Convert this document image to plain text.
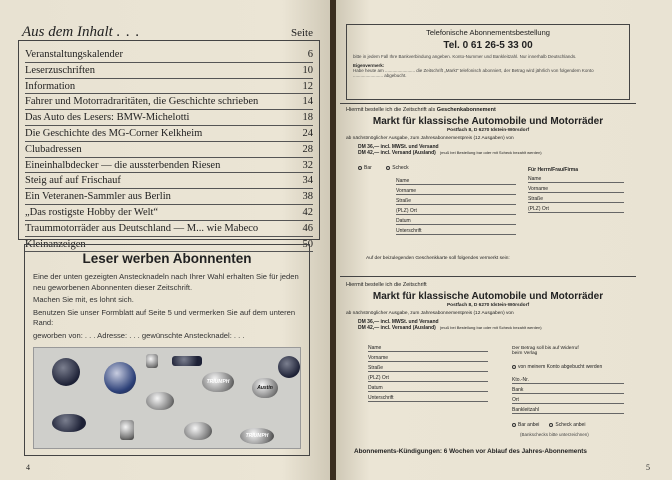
Aus dem Inhalt . . .	Seite
Veranstaltungskalender	6
Leserzuschriften	10
Information	12
Fahrer und Motorradraritäten, die Geschichte schrieben	14
Das Auto des Lesers: BMW-Michelotti	18
Die Geschichte des MG-Corner Kelkheim	24
Clubadressen	28
Eineinhalbdecker — die aussterbenden Riesen	32
Steig auf auf Frischauf	34
Ein Veteranen-Sammler aus Berlin	38
„Das rostigste Hobby der Welt“	42
Traummotorräder aus Deutschland — M... wie Mabeco	46
Kleinanzeigen	50
Leser werben Abonnenten

Eine der unten gezeigten Anstecknadeln nach Ihrer Wahl erhalten Sie für jeden neu geworbenen Abonnenten dieser Zeitschrift.

Machen Sie mit, es lohnt sich.

Benutzen Sie unser Formblatt auf Seite 5 und vermerken Sie auf dem unteren Rand:

geworben von: . . . Adresse: . . . gewünschte Anstecknadel: . . .

TRIUMPH
Austin
TRIUMPH
4
Telefonische Abonnementsbestellung
Tel. 0 61 26-5 33 00
bitte in jedem Fall Ihre Bankverbindung angeben. Konto-Nummer und Bankleitzahl. Nur innerhalb Deutschlands.
Eigenvermerk:
Habe heute am ........................ die Zeitschrift „Markt“ telefonisch abonniert, der Betrag wird jährlich von folgendem Konto ........................ abgebucht.
Hiermit bestelle ich die Zeitschrift als Geschenkabonnement
Markt für klassische Automobile und Motorräder
Postfach 8, D 6270 Idstein-Wörsdorf
ab nächstmöglicher Ausgabe, zum Jahresabonnementpreis (12 Ausgaben) von
DM 36,— incl. MWSt. und Versand
DM 42,— incl. Versand (Ausland) (muß bei Bestellung bar oder mit Scheck bezahlt werden)
Bar
	Scheck
Name
Vorname
Straße
(PLZ) Ort
Datum
Unterschrift
Für Herrn/Frau/Firma
Name
Vorname
Straße
(PLZ) Ort
Auf der beizulegenden Geschenkkarte soll folgendes vermerkt sein:
Hiermit bestelle ich die Zeitschrift
Markt für klassische Automobile und Motorräder
Postfach 8, D 6270 Idstein-Wörsdorf
ab nächstmöglicher Ausgabe, zum Jahresabonnementpreis (12 Ausgaben) von
DM 36,— incl. MWSt. und Versand
DM 42,— incl. Versand (Ausland) (muß bei Bestellung bar oder mit Scheck bezahlt werden)
Name
Vorname
Straße
(PLZ) Ort
Datum
Unterschrift
Der Betrag soll bis auf Widerruf beim Verlag
von meinem Konto abgebucht werden
Kto.-Nr.
Bank
Ort
Bankleitzahl
Bar anbei	Scheck anbei
(Bankschecks bitte unterzeichnen)
Abonnements-Kündigungen: 6 Wochen vor Ablauf des Jahres-Abonnements
5
